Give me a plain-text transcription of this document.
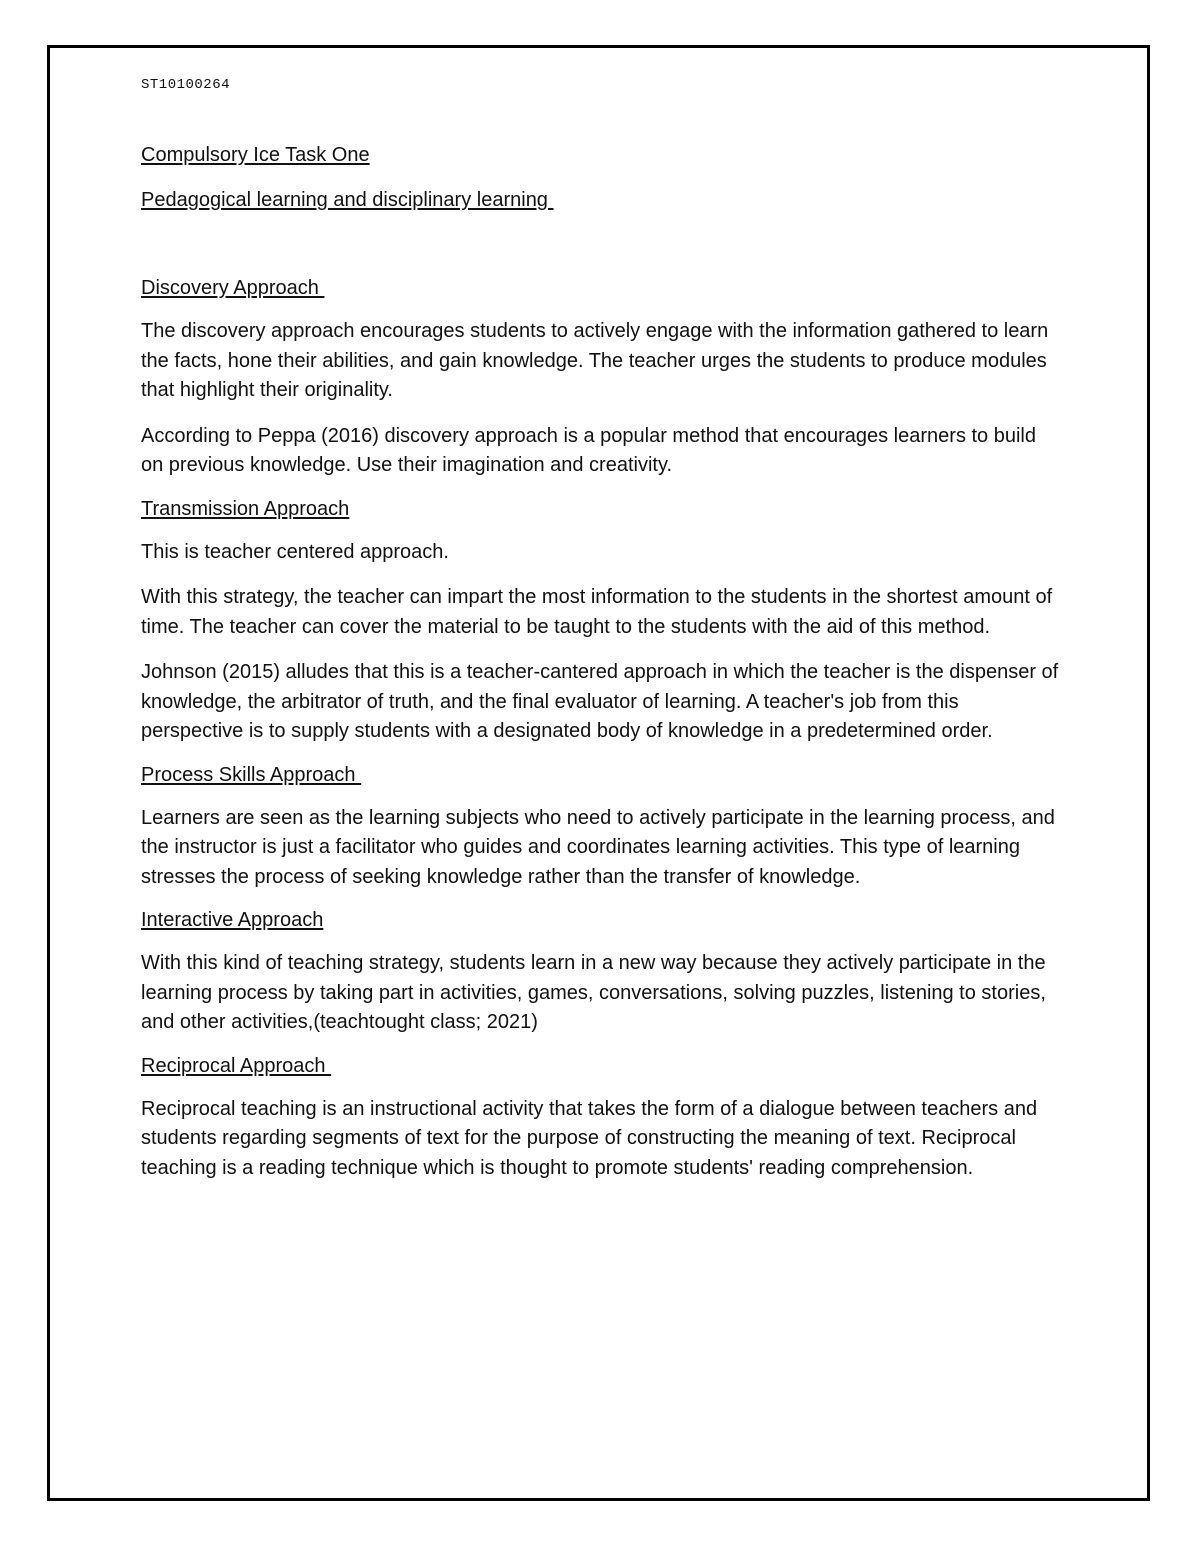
ST10100264

Compulsory Ice Task One

Pedagogical learning and disciplinary learning

Discovery Approach

The discovery approach encourages students to actively engage with the information gathered to learn the facts, hone their abilities, and gain knowledge. The teacher urges the students to produce modules that highlight their originality.

According to Peppa (2016) discovery approach is a popular method that encourages learners to build on previous knowledge. Use their imagination and creativity.

Transmission Approach

This is teacher centered approach.

With this strategy, the teacher can impart the most information to the students in the shortest amount of time. The teacher can cover the material to be taught to the students with the aid of this method.

Johnson (2015) alludes that this is a teacher-cantered approach in which the teacher is the dispenser of knowledge, the arbitrator of truth, and the final evaluator of learning. A teacher's job from this perspective is to supply students with a designated body of knowledge in a predetermined order.

Process Skills Approach

Learners are seen as the learning subjects who need to actively participate in the learning process, and the instructor is just a facilitator who guides and coordinates learning activities. This type of learning stresses the process of seeking knowledge rather than the transfer of knowledge.

Interactive Approach

With this kind of teaching strategy, students learn in a new way because they actively participate in the learning process by taking part in activities, games, conversations, solving puzzles, listening to stories, and other activities,(teachtought class; 2021)

Reciprocal Approach

Reciprocal teaching is an instructional activity that takes the form of a dialogue between teachers and students regarding segments of text for the purpose of constructing the meaning of text. Reciprocal teaching is a reading technique which is thought to promote students' reading comprehension.
